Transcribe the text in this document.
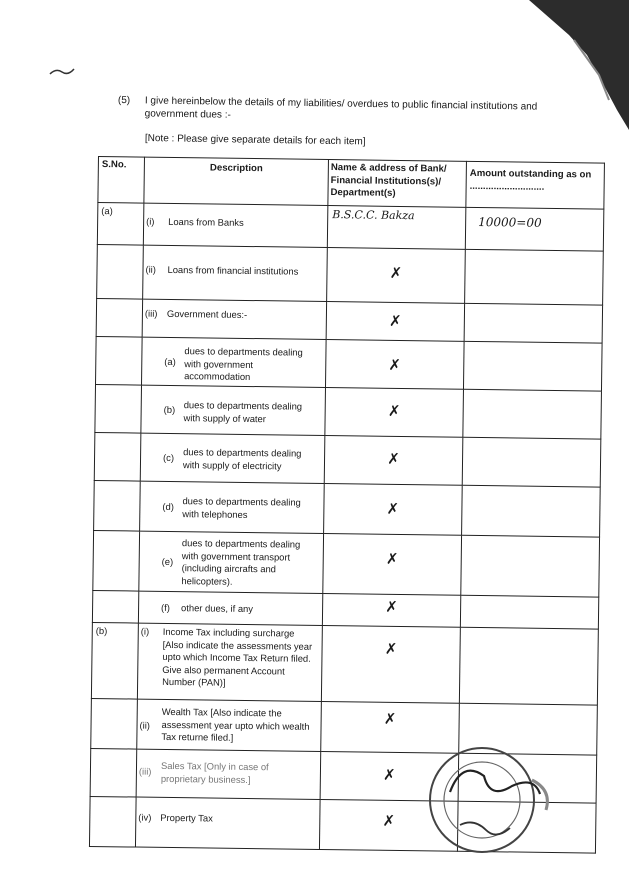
(5) I give hereinbelow the details of my liabilities/ overdues to public financial institutions and government dues :-
[Note : Please give separate details for each item]
S.No.	Description	Name & address of Bank/ Financial Institutions(s)/ Department(s)	Amount outstanding as on ............................
(a)	(i) Loans from Banks	B.S.C.C. Bakza	10000=00

	(ii) Loans from financial institutions	✗	

	(iii) Government dues:-	✗	

	(a)
dues to departments dealing with government accommodation	✗	

	(b) dues to departments dealing with supply of water	✗	

	(c) dues to departments dealing with supply of electricity	✗	

	(d) dues to departments dealing with telephones	✗	

	(e)
dues to departments dealing with government transport (including aircrafts and helicopters).	✗	

	(f) other dues, if any	✗	
(b)	(i) Income Tax including surcharge [Also indicate the assessments year upto which Income Tax Return filed. Give also permanent Account Number (PAN)]	✗	

	(ii)
Wealth Tax [Also indicate the assessment year upto which wealth Tax returne filed.]	✗	

	(iii) Sales Tax [Only in case of proprietary business.]	✗	

	(iv) Property Tax	✗	
